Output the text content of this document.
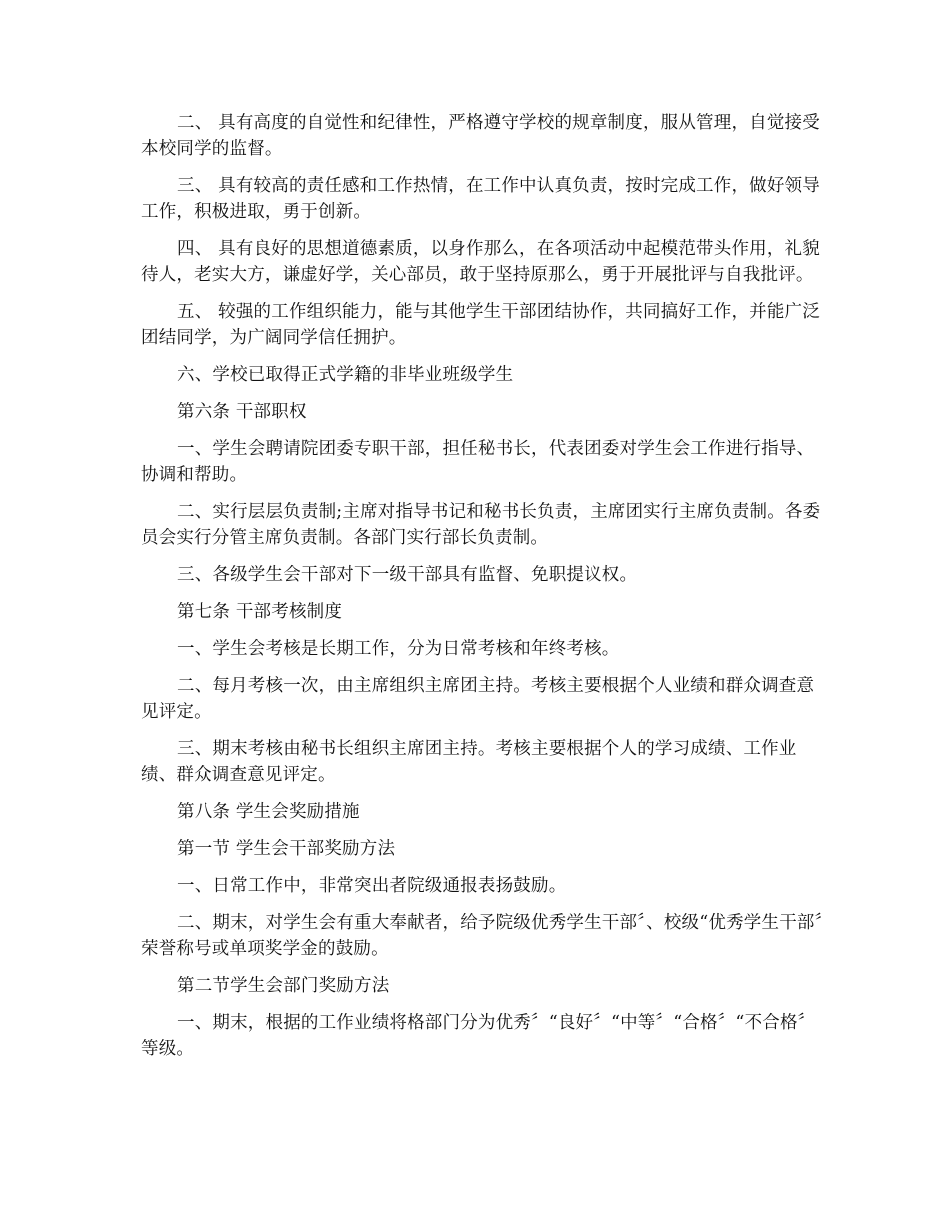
二、 具有高度的自觉性和纪律性，严格遵守学校的规章制度，服从管理，自觉接受本校同学的监督。

三、 具有较高的责任感和工作热情，在工作中认真负责，按时完成工作，做好领导工作，积极进取，勇于创新。

四、 具有良好的思想道德素质，以身作那么，在各项活动中起模范带头作用，礼貌待人，老实大方，谦虚好学，关心部员，敢于坚持原那么，勇于开展批评与自我批评。

五、 较强的工作组织能力，能与其他学生干部团结协作，共同搞好工作，并能广泛团结同学，为广阔同学信任拥护。

六、学校已取得正式学籍的非毕业班级学生

第六条 干部职权

一、学生会聘请院团委专职干部，担任秘书长，代表团委对学生会工作进行指导、协调和帮助。

二、实行层层负责制;主席对指导书记和秘书长负责，主席团实行主席负责制。各委员会实行分管主席负责制。各部门实行部长负责制。

三、各级学生会干部对下一级干部具有监督、免职提议权。

第七条 干部考核制度

一、学生会考核是长期工作，分为日常考核和年终考核。

二、每月考核一次，由主席组织主席团主持。考核主要根据个人业绩和群众调查意见评定。

三、期末考核由秘书长组织主席团主持。考核主要根据个人的学习成绩、工作业绩、群众调查意见评定。

第八条 学生会奖励措施

第一节 学生会干部奖励方法

一、日常工作中，非常突出者院级通报表扬鼓励。

二、期末，对学生会有重大奉献者，给予院级优秀学生干部〞、校级“优秀学生干部〞荣誉称号或单项奖学金的鼓励。

第二节学生会部门奖励方法

一、期末，根据的工作业绩将格部门分为优秀〞“良好〞“中等〞“合格〞“不合格〞等级。
